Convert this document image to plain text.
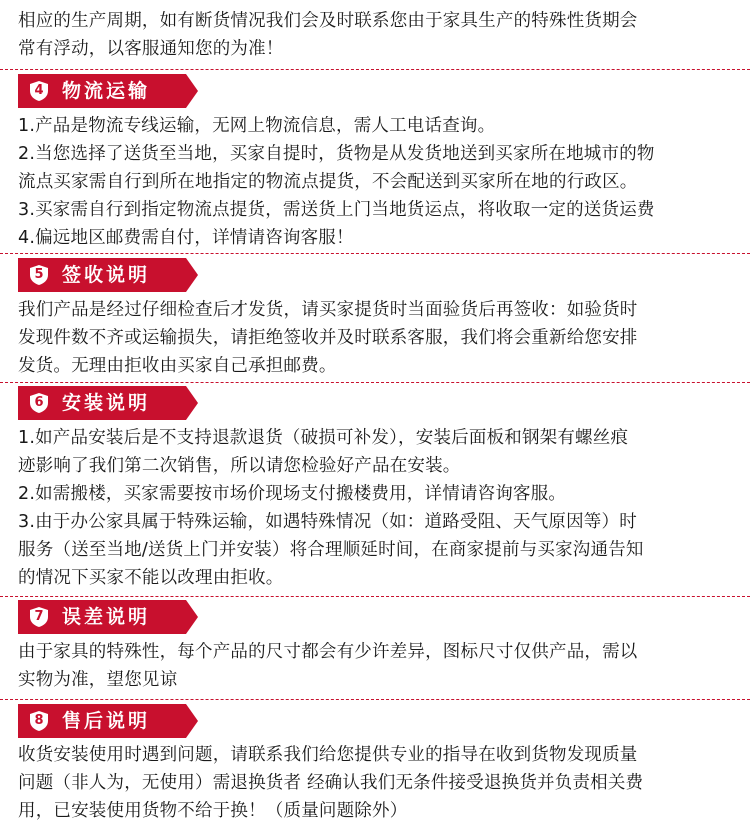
相应的生产周期，如有断货情况我们会及时联系您由于家具生产的特殊性货期会
常有浮动，以客服通知您的为准！

4 物流运输

1.产品是物流专线运输，无网上物流信息，需人工电话查询。
2.当您选择了送货至当地，买家自提时，货物是从发货地送到买家所在地城市的物
流点买家需自行到所在地指定的物流点提货，不会配送到买家所在地的行政区。
3.买家需自行到指定物流点提货，需送货上门当地货运点，将收取一定的送货运费
4.偏远地区邮费需自付，详情请咨询客服！

5 签收说明

我们产品是经过仔细检查后才发货，请买家提货时当面验货后再签收：如验货时
发现件数不齐或运输损失，请拒绝签收并及时联系客服，我们将会重新给您安排
发货。无理由拒收由买家自己承担邮费。

6 安装说明

1.如产品安装后是不支持退款退货（破损可补发），安装后面板和钢架有螺丝痕
迹影响了我们第二次销售，所以请您检验好产品在安装。
2.如需搬楼，买家需要按市场价现场支付搬楼费用，详情请咨询客服。
3.由于办公家具属于特殊运输，如遇特殊情况（如：道路受阻、天气原因等）时
服务（送至当地/送货上门并安装）将合理顺延时间，在商家提前与买家沟通告知
的情况下买家不能以改理由拒收。

7 误差说明

由于家具的特殊性，每个产品的尺寸都会有少许差异，图标尺寸仅供产品，需以
实物为准，望您见谅

8 售后说明

收货安装使用时遇到问题，请联系我们给您提供专业的指导在收到货物发现质量
问题（非人为，无使用）需退换货者 经确认我们无条件接受退换货并负责相关费
用，已安装使用货物不给于换！（质量问题除外）
